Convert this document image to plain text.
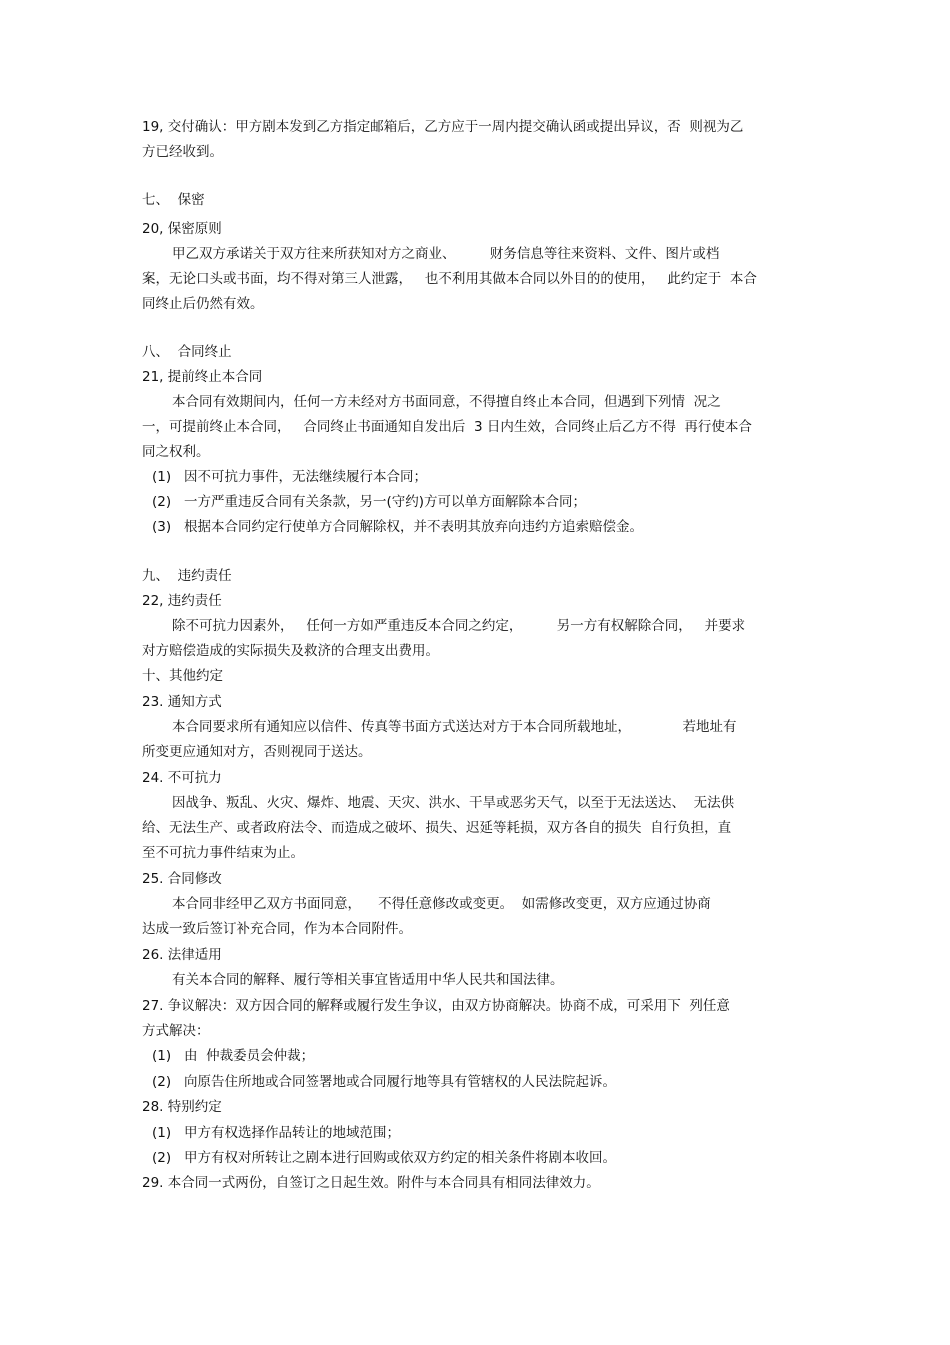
19, 交付确认：甲方剧本发到乙方指定邮箱后，乙方应于一周内提交确认函或提出异议，否  则视为乙
方已经收到。
七、  保密
20, 保密原则
甲乙双方承诺关于双方往来所获知对方之商业、        财务信息等往来资料、文件、图片或档
案，无论口头或书面，均不得对第三人泄露，   也不利用其做本合同以外目的的使用，   此约定于  本合
同终止后仍然有效。
八、  合同终止
21, 提前终止本合同
本合同有效期间内，任何一方未经对方书面同意，不得擅自终止本合同，但遇到下列情  况之
一，可提前终止本合同，   合同终止书面通知自发出后  3 日内生效，合同终止后乙方不得  再行使本合
同之权利。
(1)   因不可抗力事件，无法继续履行本合同；
(2)   一方严重违反合同有关条款，另一(守约)方可以单方面解除本合同；
(3)   根据本合同约定行使单方合同解除权，并不表明其放弃向违约方追索赔偿金。
九、  违约责任
22, 违约责任
除不可抗力因素外，   任何一方如严重违反本合同之约定，        另一方有权解除合同，   并要求
对方赔偿造成的实际损失及救济的合理支出费用。
十、其他约定
23. 通知方式
本合同要求所有通知应以信件、传真等书面方式送达对方于本合同所载地址，            若地址有
所变更应通知对方，否则视同于送达。
24. 不可抗力
因战争、叛乱、火灾、爆炸、地震、天灾、洪水、干旱或恶劣天气，以至于无法送达、  无法供
给、无法生产、或者政府法令、而造成之破坏、损失、迟延等耗损，双方各自的损失  自行负担，直
至不可抗力事件结束为止。
25. 合同修改
本合同非经甲乙双方书面同意，    不得任意修改或变更。  如需修改变更，双方应通过协商
达成一致后签订补充合同，作为本合同附件。
26. 法律适用
有关本合同的解释、履行等相关事宜皆适用中华人民共和国法律。
27. 争议解决：双方因合同的解释或履行发生争议，由双方协商解决。协商不成，可采用下  列任意
方式解决：
(1)   由  仲裁委员会仲裁；
(2)   向原告住所地或合同签署地或合同履行地等具有管辖权的人民法院起诉。
28. 特别约定
(1)   甲方有权选择作品转让的地域范围；
(2)   甲方有权对所转让之剧本进行回购或依双方约定的相关条件将剧本收回。
29. 本合同一式两份，自签订之日起生效。附件与本合同具有相同法律效力。
